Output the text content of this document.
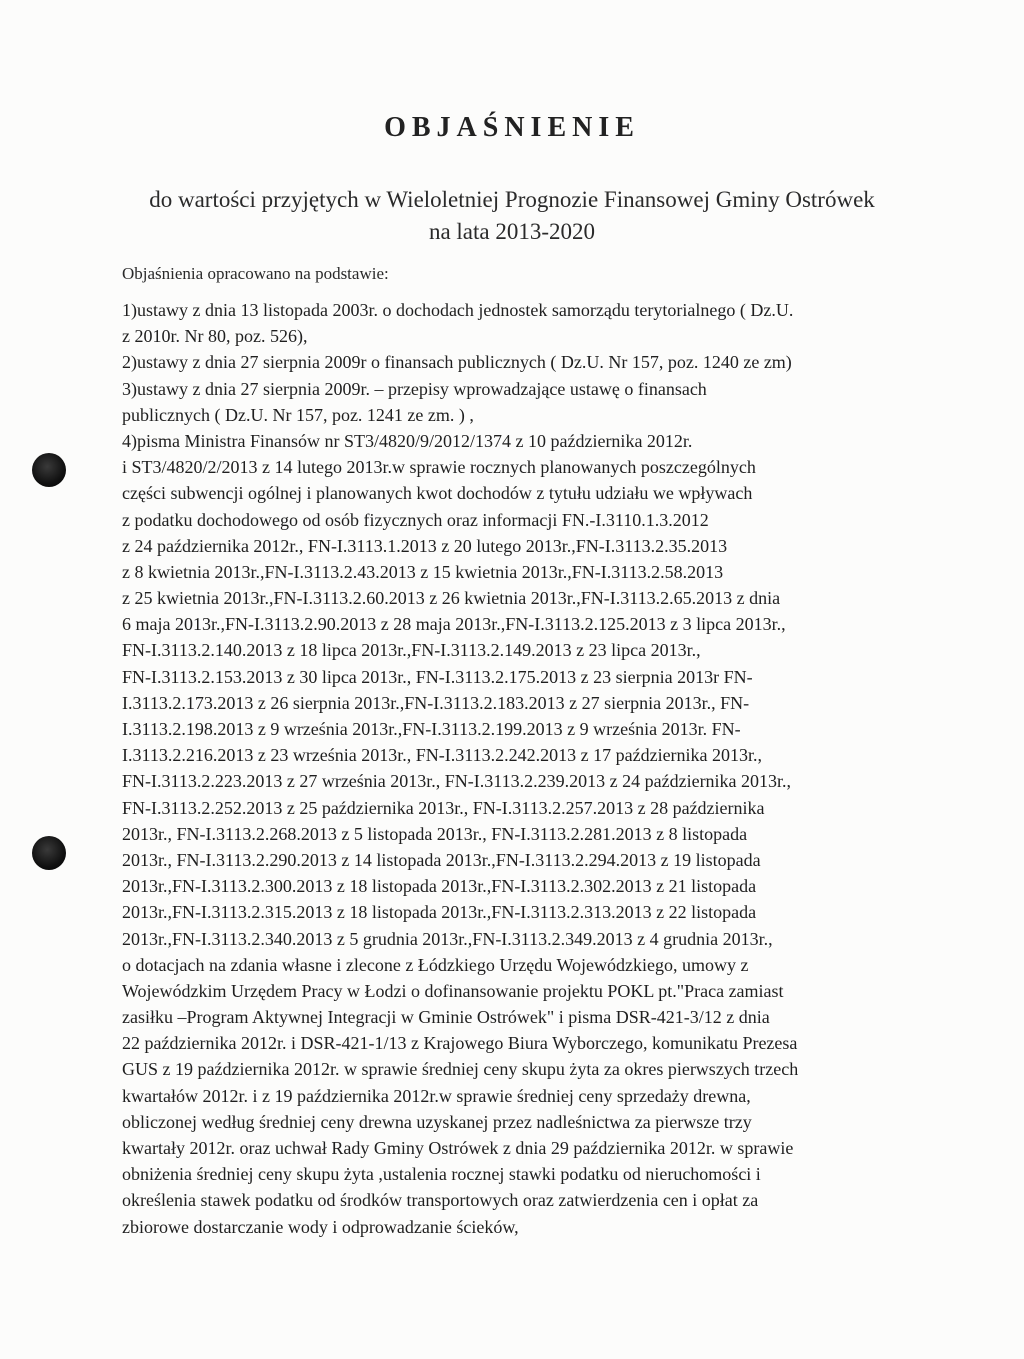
OBJAŚNIENIE
do wartości przyjętych w Wieloletniej Prognozie Finansowej Gminy Ostrówek
na lata 2013-2020
Objaśnienia opracowano na podstawie:
1)ustawy z dnia 13 listopada 2003r. o dochodach jednostek samorządu terytorialnego ( Dz.U.
z 2010r. Nr 80, poz. 526),
2)ustawy z dnia 27 sierpnia 2009r o finansach publicznych ( Dz.U. Nr 157, poz. 1240 ze zm)
3)ustawy z dnia 27 sierpnia 2009r. – przepisy wprowadzające ustawę o finansach
publicznych ( Dz.U. Nr 157, poz. 1241 ze zm. ) ,
4)pisma Ministra Finansów nr ST3/4820/9/2012/1374 z 10 października 2012r.
i ST3/4820/2/2013 z 14 lutego 2013r.w sprawie rocznych planowanych poszczególnych
części subwencji ogólnej i planowanych kwot dochodów z tytułu udziału we wpływach
z podatku dochodowego od osób fizycznych oraz informacji FN.-I.3110.1.3.2012
z 24 października 2012r., FN-I.3113.1.2013 z 20 lutego 2013r.,FN-I.3113.2.35.2013
z 8 kwietnia 2013r.,FN-I.3113.2.43.2013 z 15 kwietnia 2013r.,FN-I.3113.2.58.2013
z 25 kwietnia 2013r.,FN-I.3113.2.60.2013 z 26 kwietnia 2013r.,FN-I.3113.2.65.2013 z dnia
6 maja 2013r.,FN-I.3113.2.90.2013 z 28 maja 2013r.,FN-I.3113.2.125.2013 z 3 lipca 2013r.,
FN-I.3113.2.140.2013 z 18 lipca 2013r.,FN-I.3113.2.149.2013 z 23 lipca 2013r.,
FN-I.3113.2.153.2013 z 30 lipca 2013r., FN-I.3113.2.175.2013 z 23 sierpnia 2013r FN-
I.3113.2.173.2013 z 26 sierpnia 2013r.,FN-I.3113.2.183.2013 z 27 sierpnia 2013r., FN-
I.3113.2.198.2013 z 9 września 2013r.,FN-I.3113.2.199.2013 z 9 września 2013r. FN-
I.3113.2.216.2013 z 23 września 2013r., FN-I.3113.2.242.2013 z 17 października 2013r.,
FN-I.3113.2.223.2013 z 27 września 2013r., FN-I.3113.2.239.2013 z 24 października 2013r.,
FN-I.3113.2.252.2013 z 25 października 2013r., FN-I.3113.2.257.2013 z 28 października
2013r., FN-I.3113.2.268.2013 z 5 listopada 2013r., FN-I.3113.2.281.2013 z 8 listopada
2013r., FN-I.3113.2.290.2013 z 14 listopada 2013r.,FN-I.3113.2.294.2013 z 19 listopada
2013r.,FN-I.3113.2.300.2013 z 18 listopada 2013r.,FN-I.3113.2.302.2013 z 21 listopada
2013r.,FN-I.3113.2.315.2013 z 18 listopada 2013r.,FN-I.3113.2.313.2013 z 22 listopada
2013r.,FN-I.3113.2.340.2013 z 5 grudnia 2013r.,FN-I.3113.2.349.2013 z 4 grudnia 2013r.,
o dotacjach na zdania własne i zlecone z Łódzkiego Urzędu Wojewódzkiego, umowy z
Wojewódzkim Urzędem Pracy w Łodzi o dofinansowanie projektu POKL pt."Praca zamiast
zasiłku –Program Aktywnej Integracji w Gminie Ostrówek" i pisma DSR-421-3/12 z dnia
22 października 2012r. i DSR-421-1/13 z Krajowego Biura Wyborczego, komunikatu Prezesa
GUS z 19 października 2012r. w sprawie średniej ceny skupu żyta za okres pierwszych trzech
kwartałów 2012r. i z 19 października 2012r.w sprawie średniej ceny sprzedaży drewna,
obliczonej według średniej ceny drewna uzyskanej przez nadleśnictwa za pierwsze trzy
kwartały 2012r. oraz uchwał Rady Gminy Ostrówek z dnia 29 października 2012r. w sprawie
obniżenia średniej ceny skupu żyta ,ustalenia rocznej stawki podatku od nieruchomości i
określenia stawek podatku od środków transportowych oraz zatwierdzenia cen i opłat za
zbiorowe dostarczanie wody i odprowadzanie ścieków,
